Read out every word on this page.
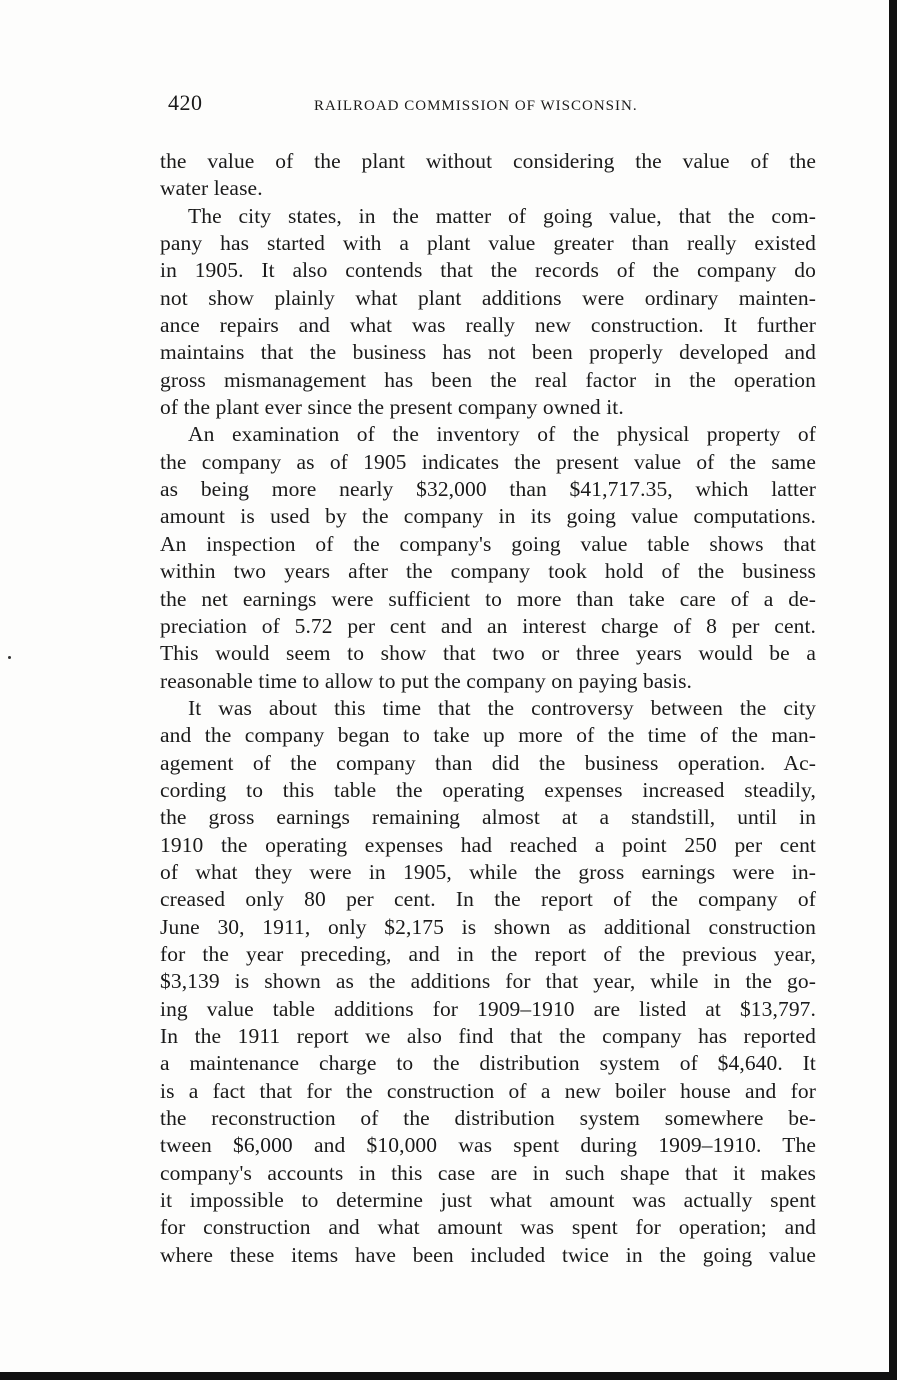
420	RAILROAD COMMISSION OF WISCONSIN.
the value of the plant without considering the value of the
water lease.
The city states, in the matter of going value, that the com-
pany has started with a plant value greater than really existed
in 1905. It also contends that the records of the company do
not show plainly what plant additions were ordinary mainten-
ance repairs and what was really new construction. It further
maintains that the business has not been properly developed and
gross mismanagement has been the real factor in the operation
of the plant ever since the present company owned it.
An examination of the inventory of the physical property of
the company as of 1905 indicates the present value of the same
as being more nearly $32,000 than $41,717.35, which latter
amount is used by the company in its going value computations.
An inspection of the company's going value table shows that
within two years after the company took hold of the business
the net earnings were sufficient to more than take care of a de-
preciation of 5.72 per cent and an interest charge of 8 per cent.
This would seem to show that two or three years would be a
reasonable time to allow to put the company on paying basis.
It was about this time that the controversy between the city
and the company began to take up more of the time of the man-
agement of the company than did the business operation. Ac-
cording to this table the operating expenses increased steadily,
the gross earnings remaining almost at a standstill, until in
1910 the operating expenses had reached a point 250 per cent
of what they were in 1905, while the gross earnings were in-
creased only 80 per cent. In the report of the company of
June 30, 1911, only $2,175 is shown as additional construction
for the year preceding, and in the report of the previous year,
$3,139 is shown as the additions for that year, while in the go-
ing value table additions for 1909–1910 are listed at $13,797.
In the 1911 report we also find that the company has reported
a maintenance charge to the distribution system of $4,640. It
is a fact that for the construction of a new boiler house and for
the reconstruction of the distribution system somewhere be-
tween $6,000 and $10,000 was spent during 1909–1910. The
company's accounts in this case are in such shape that it makes
it impossible to determine just what amount was actually spent
for construction and what amount was spent for operation; and
where these items have been included twice in the going value
